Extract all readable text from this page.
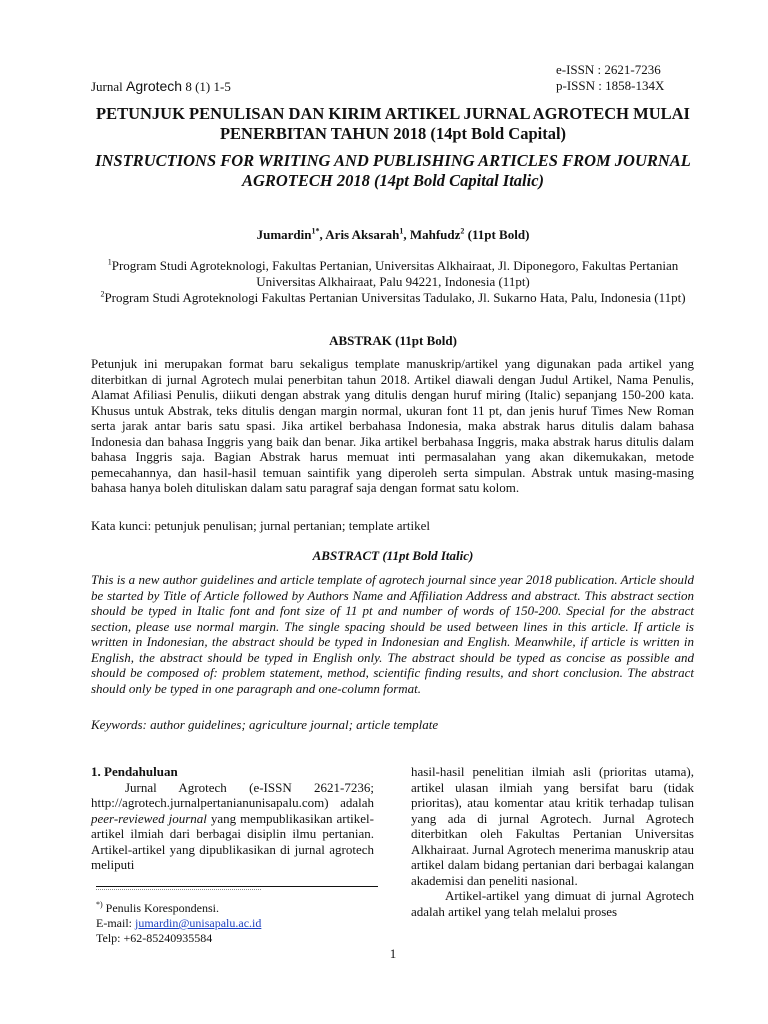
e-ISSN : 2621-7236
p-ISSN : 1858-134X
Jurnal Agrotech 8 (1) 1-5
PETUNJUK PENULISAN DAN KIRIM ARTIKEL JURNAL AGROTECH MULAI PENERBITAN TAHUN 2018 (14pt Bold Capital)
INSTRUCTIONS FOR WRITING AND PUBLISHING ARTICLES FROM JOURNAL AGROTECH 2018 (14pt Bold Capital Italic)
Jumardin$^{1*}$, Aris Aksarah$^1$, Mahfudz$^2$ (11pt Bold)
$^1$Program Studi Agroteknologi, Fakultas Pertanian, Universitas Alkhairaat, Jl. Diponegoro, Fakultas Pertanian Universitas Alkhairaat, Palu 94221, Indonesia (11pt)
$^2$Program Studi Agroteknologi Fakultas Pertanian Universitas Tadulako, Jl. Sukarno Hata, Palu, Indonesia (11pt)
ABSTRAK (11pt Bold)

Petunjuk ini merupakan format baru sekaligus template manuskrip/artikel yang digunakan pada artikel yang diterbitkan di jurnal Agrotech mulai penerbitan tahun 2018. Artikel diawali dengan Judul Artikel, Nama Penulis, Alamat Afiliasi Penulis, diikuti dengan abstrak yang ditulis dengan huruf miring (Italic) sepanjang 150-200 kata. Khusus untuk Abstrak, teks ditulis dengan margin normal, ukuran font 11 pt, dan jenis huruf Times New Roman serta jarak antar baris satu spasi. Jika artikel berbahasa Indonesia, maka abstrak harus ditulis dalam bahasa Indonesia dan bahasa Inggris yang baik dan benar. Jika artikel berbahasa Inggris, maka abstrak harus ditulis dalam bahasa Inggris saja. Bagian Abstrak harus memuat inti permasalahan yang akan dikemukakan, metode pemecahannya, dan hasil-hasil temuan saintifik yang diperoleh serta simpulan. Abstrak untuk masing-masing bahasa hanya boleh dituliskan dalam satu paragraf saja dengan format satu kolom.

Kata kunci: petunjuk penulisan; jurnal pertanian; template artikel
ABSTRACT (11pt Bold Italic)

This is a new author guidelines and article template of agrotech journal since year 2018 publication. Article should be started by Title of Article followed by Authors Name and Affiliation Address and abstract. This abstract section should be typed in Italic font and font size of 11 pt and number of words of 150-200. Special for the abstract section, please use normal margin. The single spacing should be used between lines in this article. If article is written in Indonesian, the abstract should be typed in Indonesian and English. Meanwhile, if article is written in English, the abstract should be typed in English only. The abstract should be typed as concise as possible and should be composed of: problem statement, method, scientific finding results, and short conclusion. The abstract should only be typed in one paragraph and one-column format.

Keywords: author guidelines; agriculture journal; article template
1. Pendahuluan

Jurnal Agrotech (e-ISSN 2621-7236; http://agrotech.jurnalpertanianunisapalu.com) adalah peer-reviewed journal yang mempublikasikan artikel-artikel ilmiah dari berbagai disiplin ilmu pertanian. Artikel-artikel yang dipublikasikan di jurnal agrotech meliputi

hasil-hasil penelitian ilmiah asli (prioritas utama), artikel ulasan ilmiah yang bersifat baru (tidak prioritas), atau komentar atau kritik terhadap tulisan yang ada di jurnal Agrotech. Jurnal Agrotech diterbitkan oleh Fakultas Pertanian Universitas Alkhairaat. Jurnal Agrotech menerima manuskrip atau artikel dalam bidang pertanian dari berbagai kalangan akademisi dan peneliti nasional.

Artikel-artikel yang dimuat di jurnal Agrotech adalah artikel yang telah melalui proses

*) Penulis Korespondensi.
E-mail: jumardin@unisapalu.ac.id
Telp: +62-85240935584
1
